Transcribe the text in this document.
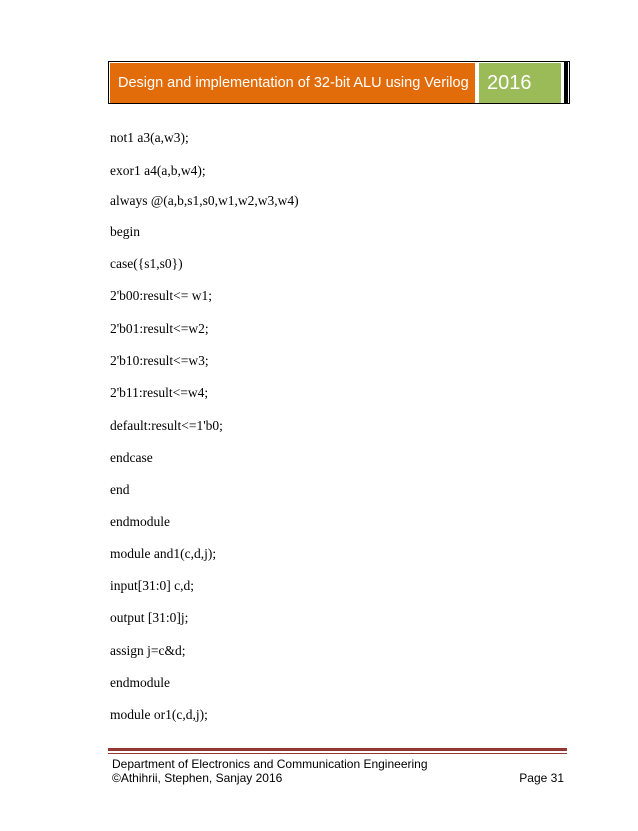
Design and implementation of 32-bit ALU using Verilog 2016
not1 a3(a,w3);
exor1 a4(a,b,w4);
always @(a,b,s1,s0,w1,w2,w3,w4)
begin
case({s1,s0})
2'b00:result<= w1;
2'b01:result<=w2;
2'b10:result<=w3;
2'b11:result<=w4;
default:result<=1'b0;
endcase
end
endmodule
module and1(c,d,j);
input[31:0] c,d;
output [31:0]j;
assign j=c&d;
endmodule
module or1(c,d,j);
Department of Electronics and Communication Engineering
©Athihrii, Stephen, Sanjay 2016	Page 31
